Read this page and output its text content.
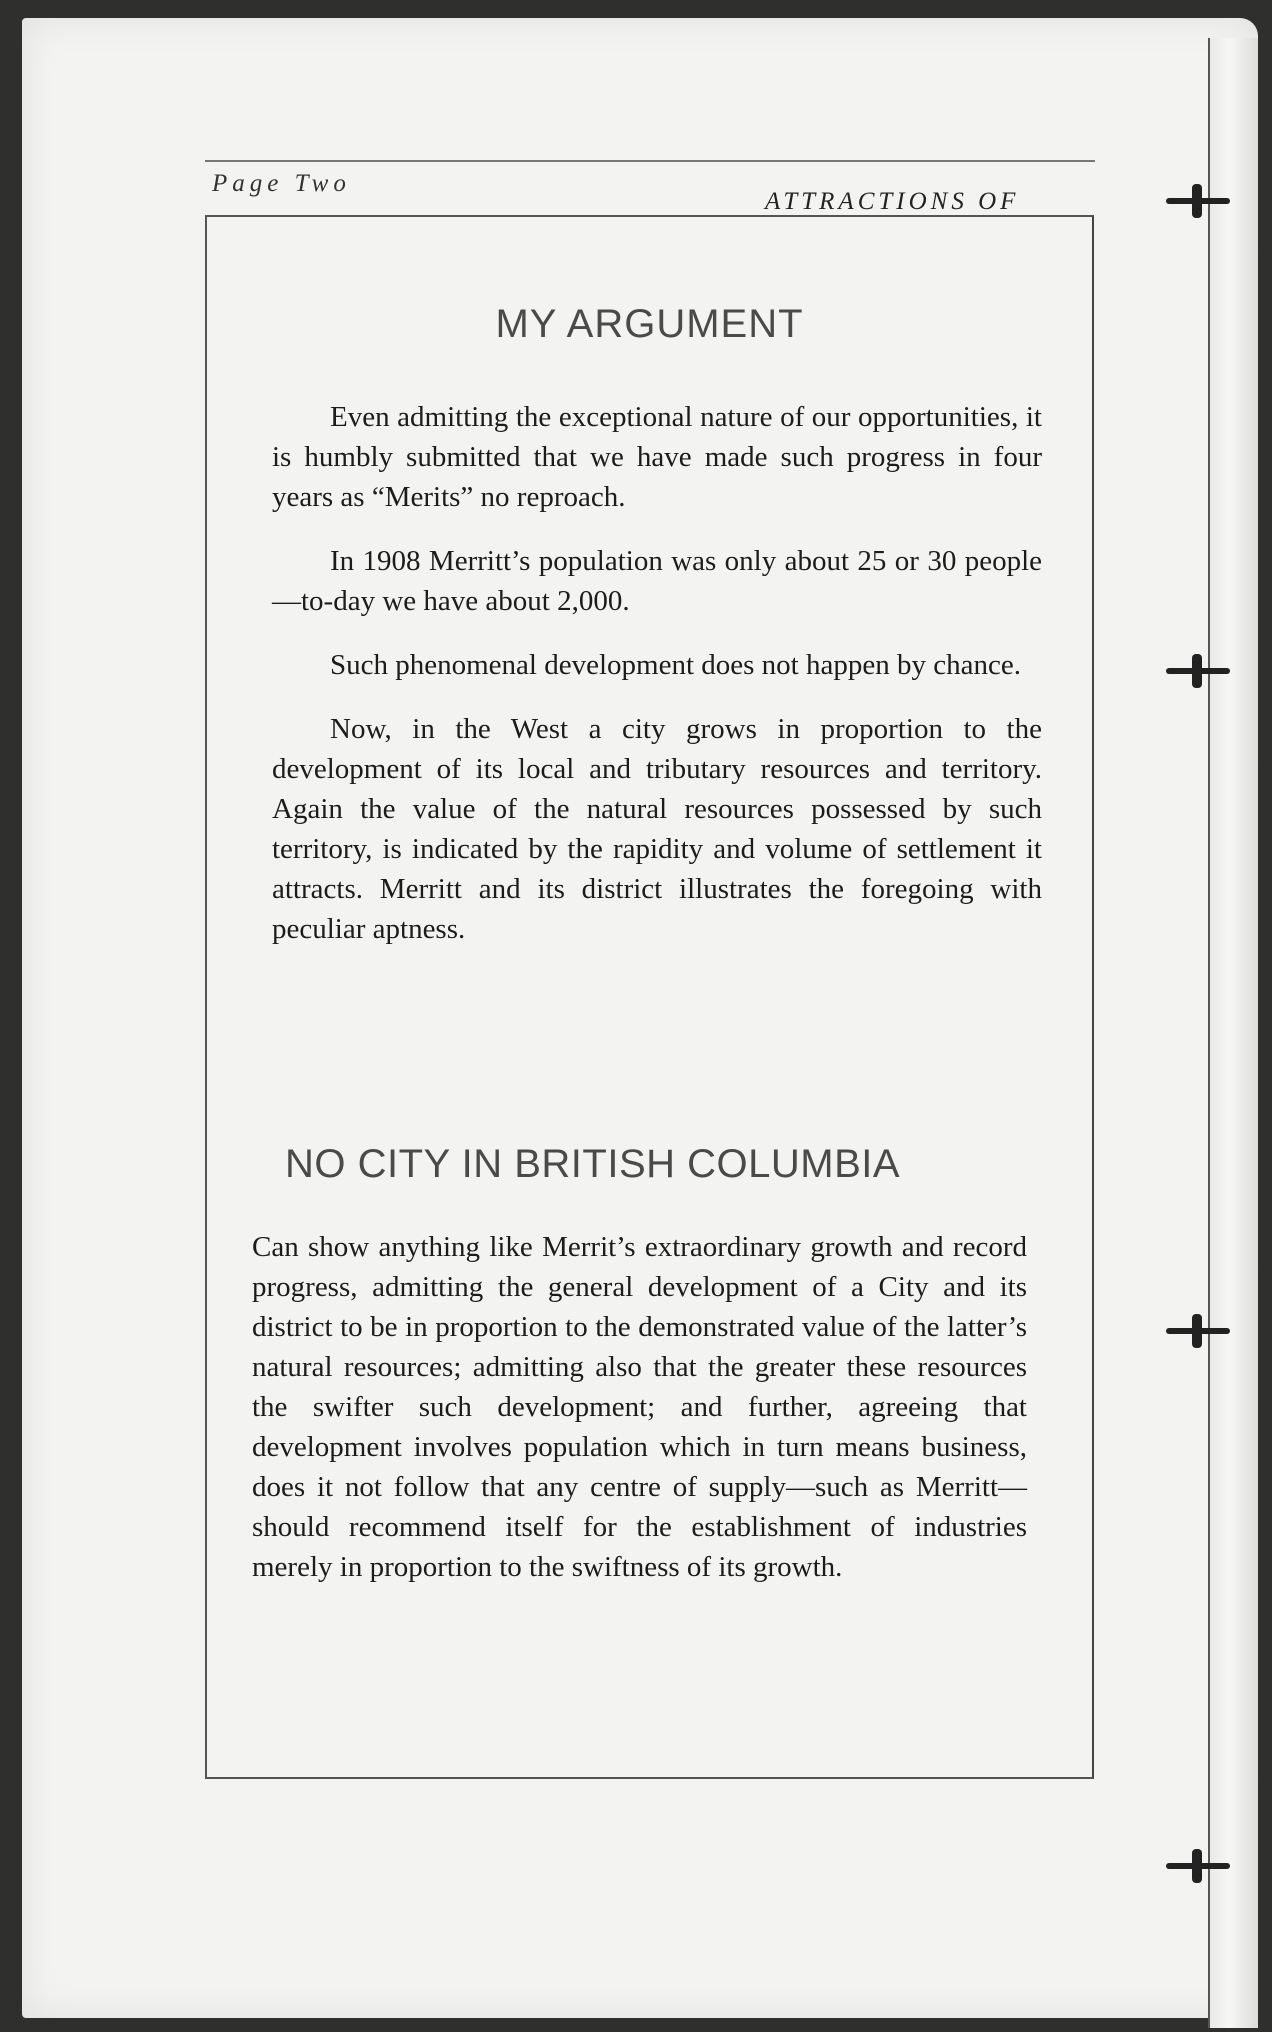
Page Two
ATTRACTIONS OF
MY ARGUMENT

Even admitting the exceptional nature of our opportunities, it is humbly submitted that we have made such progress in four years as “Merits” no reproach.

In 1908 Merritt’s population was only about 25 or 30 people—to-day we have about 2,000.

Such phenomenal development does not happen by chance.

Now, in the West a city grows in proportion to the development of its local and tributary resources and territory. Again the value of the natural resources possessed by such territory, is indicated by the rapidity and volume of settlement it attracts. Merritt and its district illustrates the foregoing with peculiar aptness.

NO CITY IN BRITISH COLUMBIA

Can show anything like Merrit’s extraordinary growth and record progress, admitting the general development of a City and its district to be in proportion to the demonstrated value of the latter’s natural resources; admitting also that the greater these resources the swifter such development; and further, agreeing that development involves population which in turn means business, does it not follow that any centre of supply—such as Merritt—should recommend itself for the establishment of industries merely in proportion to the swiftness of its growth.
